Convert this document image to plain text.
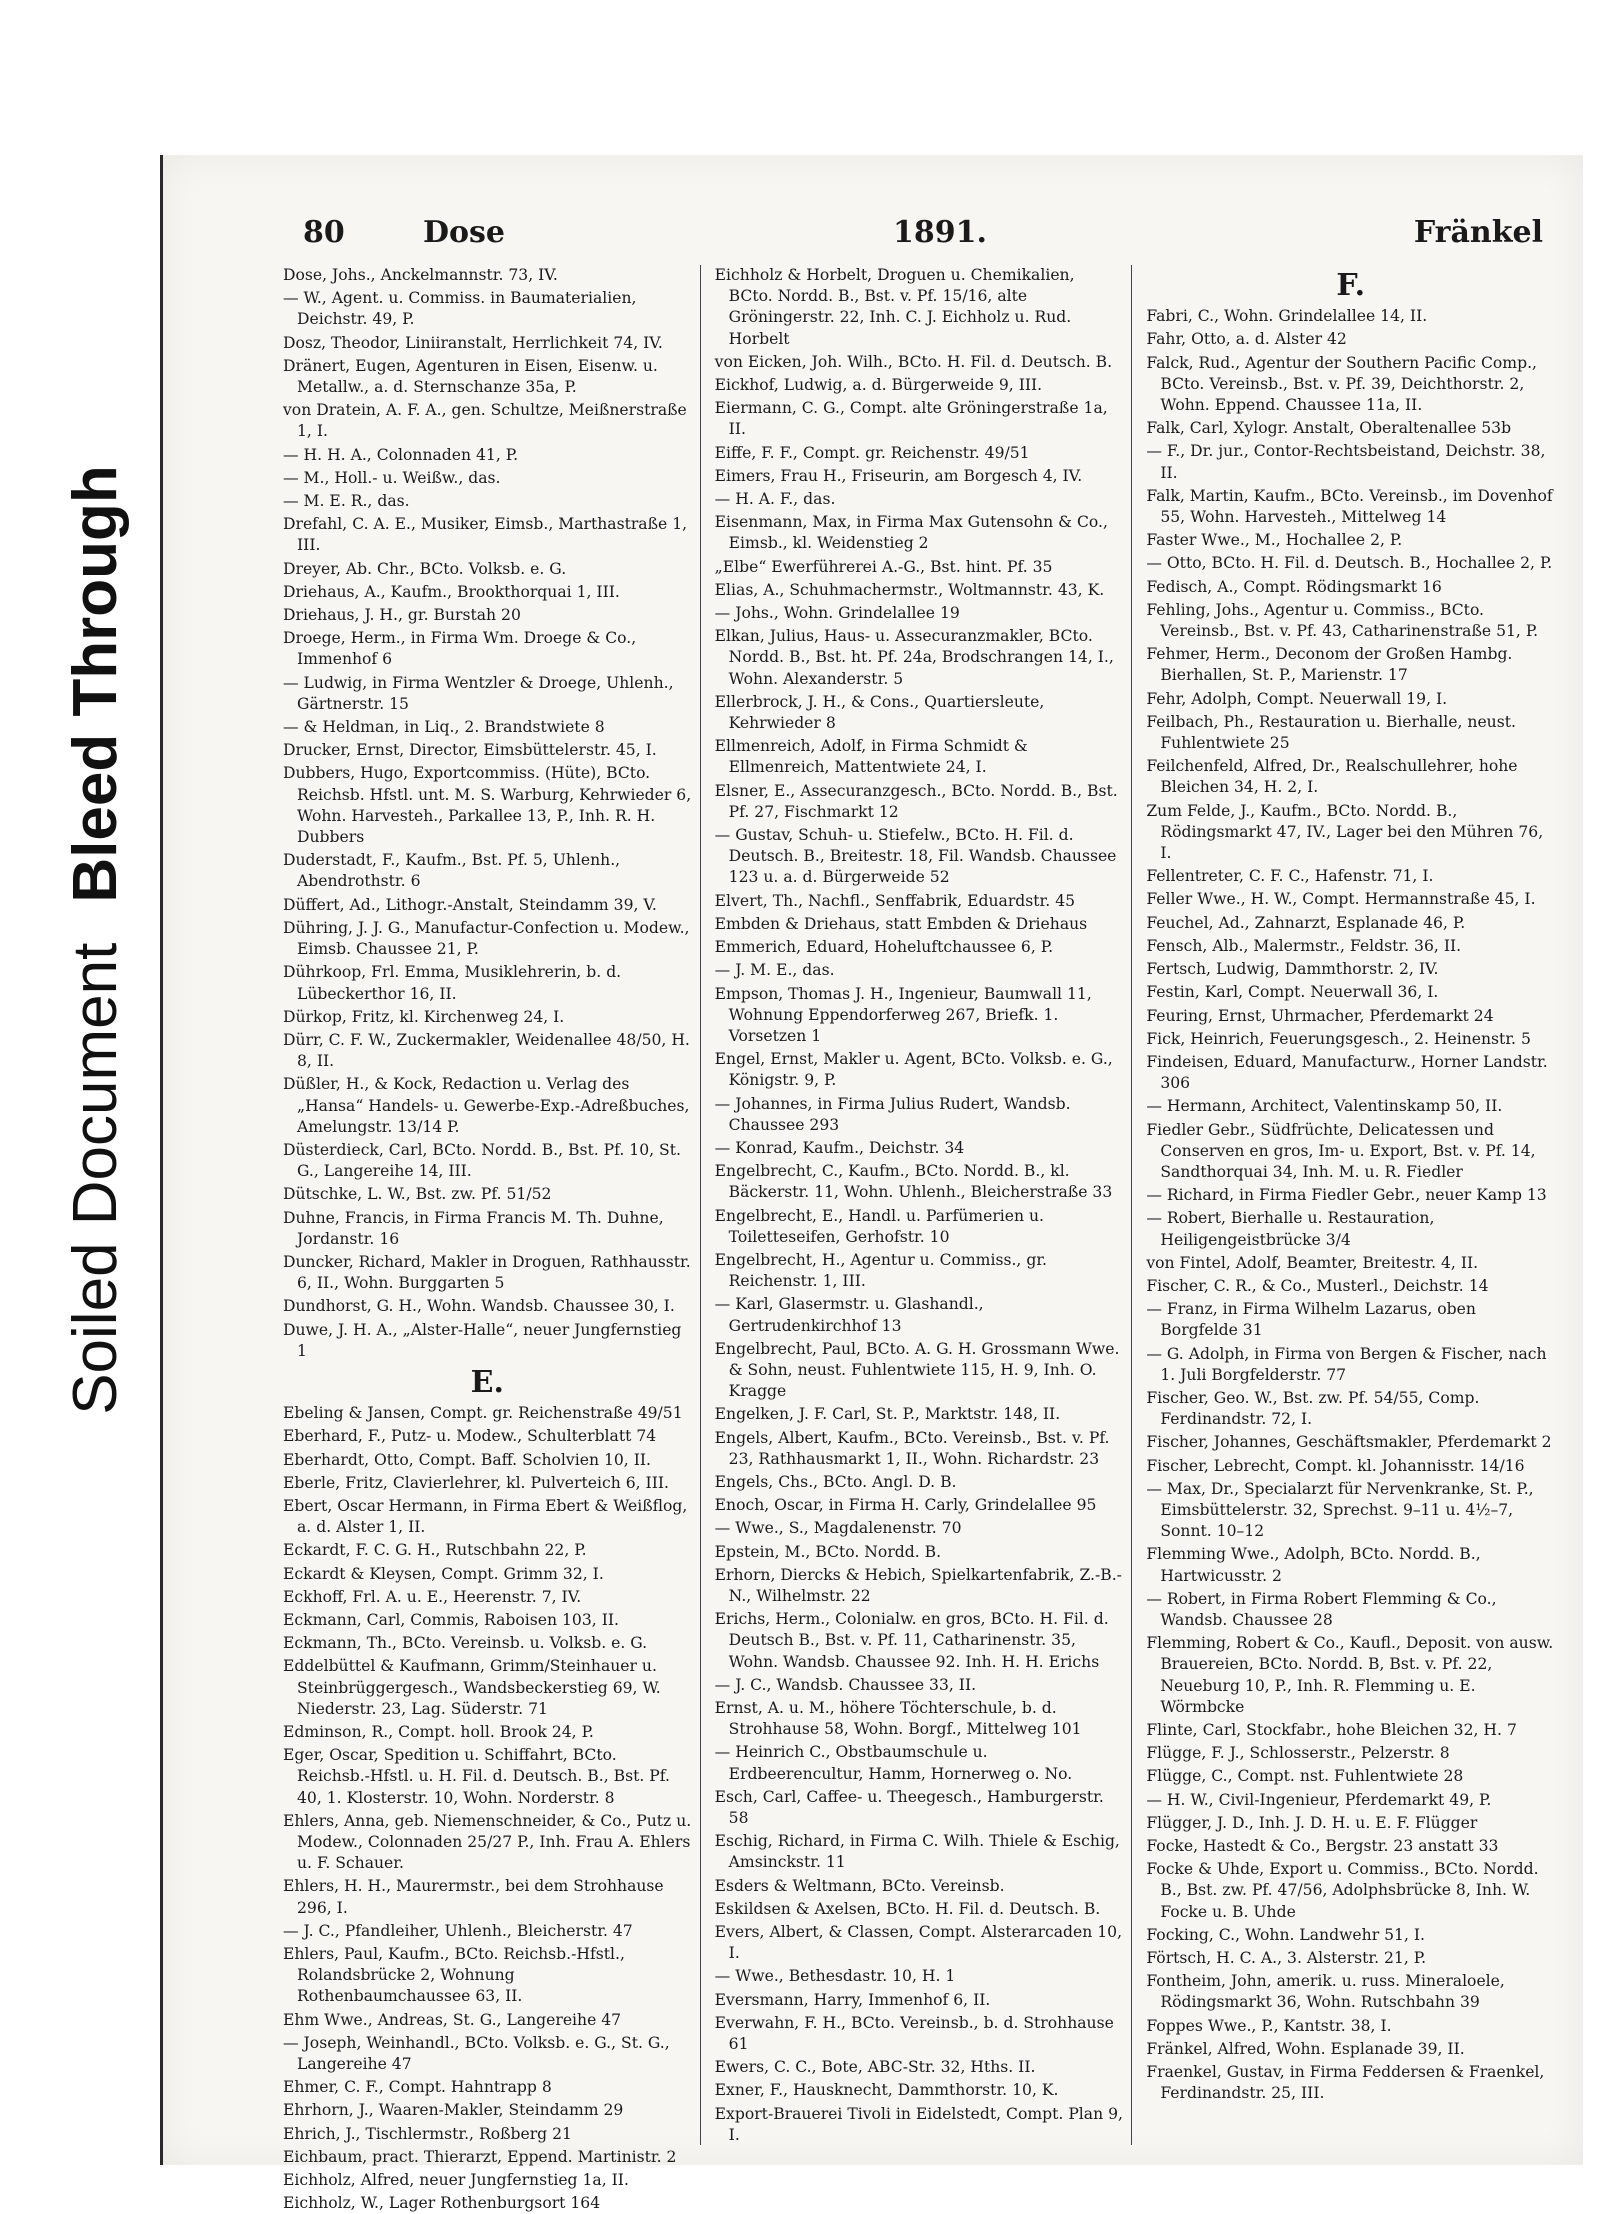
Soiled Document
Bleed Through
80	Dose	1891.	Fränkel
Dose, Johs., Anckelmannstr. 73, IV.
— W., Agent. u. Commiss. in Baumaterialien, Deichstr. 49, P.
Dosz, Theodor, Liniiranstalt, Herrlichkeit 74, IV.
Dränert, Eugen, Agenturen in Eisen, Eisenw. u. Metallw., a. d. Sternschanze 35a, P.
von Dratein, A. F. A., gen. Schultze, Meißnerstraße 1, I.
— H. H. A., Colonnaden 41, P.
— M., Holl.- u. Weißw., das.
— M. E. R., das.
Drefahl, C. A. E., Musiker, Eimsb., Marthastraße 1, III.
Dreyer, Ab. Chr., BCto. Volksb. e. G.
Driehaus, A., Kaufm., Brookthorquai 1, III.
Driehaus, J. H., gr. Burstah 20
Droege, Herm., in Firma Wm. Droege & Co., Immenhof 6
— Ludwig, in Firma Wentzler & Droege, Uhlenh., Gärtnerstr. 15
— & Heldman, in Liq., 2. Brandstwiete 8
Drucker, Ernst, Director, Eimsbüttelerstr. 45, I.
Dubbers, Hugo, Exportcommiss. (Hüte), BCto. Reichsb. Hfstl. unt. M. S. Warburg, Kehrwieder 6, Wohn. Harvesteh., Parkallee 13, P., Inh. R. H. Dubbers
Duderstadt, F., Kaufm., Bst. Pf. 5, Uhlenh., Abendrothstr. 6
Düffert, Ad., Lithogr.-Anstalt, Steindamm 39, V.
Dühring, J. J. G., Manufactur-Confection u. Modew., Eimsb. Chaussee 21, P.
Dührkoop, Frl. Emma, Musiklehrerin, b. d. Lübeckerthor 16, II.
Dürkop, Fritz, kl. Kirchenweg 24, I.
Dürr, C. F. W., Zuckermakler, Weidenallee 48/50, H. 8, II.
Düßler, H., & Kock, Redaction u. Verlag des „Hansa“ Handels- u. Gewerbe-Exp.-Adreßbuches, Amelungstr. 13/14 P.
Düsterdieck, Carl, BCto. Nordd. B., Bst. Pf. 10, St. G., Langereihe 14, III.
Dütschke, L. W., Bst. zw. Pf. 51/52
Duhne, Francis, in Firma Francis M. Th. Duhne, Jordanstr. 16
Duncker, Richard, Makler in Droguen, Rathhausstr. 6, II., Wohn. Burggarten 5
Dundhorst, G. H., Wohn. Wandsb. Chaussee 30, I.
Duwe, J. H. A., „Alster-Halle“, neuer Jungfernstieg 1
E.
Ebeling & Jansen, Compt. gr. Reichenstraße 49/51
Eberhard, F., Putz- u. Modew., Schulterblatt 74
Eberhardt, Otto, Compt. Baff. Scholvien 10, II.
Eberle, Fritz, Clavierlehrer, kl. Pulverteich 6, III.
Ebert, Oscar Hermann, in Firma Ebert & Weißflog, a. d. Alster 1, II.
Eckardt, F. C. G. H., Rutschbahn 22, P.
Eckardt & Kleysen, Compt. Grimm 32, I.
Eckhoff, Frl. A. u. E., Heerenstr. 7, IV.
Eckmann, Carl, Commis, Raboisen 103, II.
Eckmann, Th., BCto. Vereinsb. u. Volksb. e. G.
Eddelbüttel & Kaufmann, Grimm/Steinhauer u. Steinbrüggergesch., Wandsbeckerstieg 69, W. Niederstr. 23, Lag. Süderstr. 71
Edminson, R., Compt. holl. Brook 24, P.
Eger, Oscar, Spedition u. Schiffahrt, BCto. Reichsb.-Hfstl. u. H. Fil. d. Deutsch. B., Bst. Pf. 40, 1. Klosterstr. 10, Wohn. Norderstr. 8
Ehlers, Anna, geb. Niemenschneider, & Co., Putz u. Modew., Colonnaden 25/27 P., Inh. Frau A. Ehlers u. F. Schauer.
Ehlers, H. H., Maurermstr., bei dem Strohhause 296, I.
— J. C., Pfandleiher, Uhlenh., Bleicherstr. 47
Ehlers, Paul, Kaufm., BCto. Reichsb.-Hfstl., Rolandsbrücke 2, Wohnung Rothenbaumchaussee 63, II.
Ehm Wwe., Andreas, St. G., Langereihe 47
— Joseph, Weinhandl., BCto. Volksb. e. G., St. G., Langereihe 47
Ehmer, C. F., Compt. Hahntrapp 8
Ehrhorn, J., Waaren-Makler, Steindamm 29
Ehrich, J., Tischlermstr., Roßberg 21
Eichbaum, pract. Thierarzt, Eppend. Martinistr. 2
Eichholz, Alfred, neuer Jungfernstieg 1a, II.
Eichholz, W., Lager Rothenburgsort 164
Eichholz & Horbelt, Droguen u. Chemikalien, BCto. Nordd. B., Bst. v. Pf. 15/16, alte Gröningerstr. 22, Inh. C. J. Eichholz u. Rud. Horbelt
von Eicken, Joh. Wilh., BCto. H. Fil. d. Deutsch. B.
Eickhof, Ludwig, a. d. Bürgerweide 9, III.
Eiermann, C. G., Compt. alte Gröningerstraße 1a, II.
Eiffe, F. F., Compt. gr. Reichenstr. 49/51
Eimers, Frau H., Friseurin, am Borgesch 4, IV.
— H. A. F., das.
Eisenmann, Max, in Firma Max Gutensohn & Co., Eimsb., kl. Weidenstieg 2
„Elbe“ Ewerführerei A.-G., Bst. hint. Pf. 35
Elias, A., Schuhmachermstr., Woltmannstr. 43, K.
— Johs., Wohn. Grindelallee 19
Elkan, Julius, Haus- u. Assecuranzmakler, BCto. Nordd. B., Bst. ht. Pf. 24a, Brodschrangen 14, I., Wohn. Alexanderstr. 5
Ellerbrock, J. H., & Cons., Quartiersleute, Kehrwieder 8
Ellmenreich, Adolf, in Firma Schmidt & Ellmenreich, Mattentwiete 24, I.
Elsner, E., Assecuranzgesch., BCto. Nordd. B., Bst. Pf. 27, Fischmarkt 12
— Gustav, Schuh- u. Stiefelw., BCto. H. Fil. d. Deutsch. B., Breitestr. 18, Fil. Wandsb. Chaussee 123 u. a. d. Bürgerweide 52
Elvert, Th., Nachfl., Senffabrik, Eduardstr. 45
Embden & Driehaus, statt Embden & Driehaus
Emmerich, Eduard, Hoheluftchaussee 6, P.
— J. M. E., das.
Empson, Thomas J. H., Ingenieur, Baumwall 11, Wohnung Eppendorferweg 267, Briefk. 1. Vorsetzen 1
Engel, Ernst, Makler u. Agent, BCto. Volksb. e. G., Königstr. 9, P.
— Johannes, in Firma Julius Rudert, Wandsb. Chaussee 293
— Konrad, Kaufm., Deichstr. 34
Engelbrecht, C., Kaufm., BCto. Nordd. B., kl. Bäckerstr. 11, Wohn. Uhlenh., Bleicherstraße 33
Engelbrecht, E., Handl. u. Parfümerien u. Toiletteseifen, Gerhofstr. 10
Engelbrecht, H., Agentur u. Commiss., gr. Reichenstr. 1, III.
— Karl, Glasermstr. u. Glashandl., Gertrudenkirchhof 13
Engelbrecht, Paul, BCto. A. G. H. Grossmann Wwe. & Sohn, neust. Fuhlentwiete 115, H. 9, Inh. O. Kragge
Engelken, J. F. Carl, St. P., Marktstr. 148, II.
Engels, Albert, Kaufm., BCto. Vereinsb., Bst. v. Pf. 23, Rathhausmarkt 1, II., Wohn. Richardstr. 23
Engels, Chs., BCto. Angl. D. B.
Enoch, Oscar, in Firma H. Carly, Grindelallee 95
— Wwe., S., Magdalenenstr. 70
Epstein, M., BCto. Nordd. B.
Erhorn, Diercks & Hebich, Spielkartenfabrik, Z.-B.-N., Wilhelmstr. 22
Erichs, Herm., Colonialw. en gros, BCto. H. Fil. d. Deutsch B., Bst. v. Pf. 11, Catharinenstr. 35, Wohn. Wandsb. Chaussee 92. Inh. H. H. Erichs
— J. C., Wandsb. Chaussee 33, II.
Ernst, A. u. M., höhere Töchterschule, b. d. Strohhause 58, Wohn. Borgf., Mittelweg 101
— Heinrich C., Obstbaumschule u. Erdbeerencultur, Hamm, Hornerweg o. No.
Esch, Carl, Caffee- u. Theegesch., Hamburgerstr. 58
Eschig, Richard, in Firma C. Wilh. Thiele & Eschig, Amsinckstr. 11
Esders & Weltmann, BCto. Vereinsb.
Eskildsen & Axelsen, BCto. H. Fil. d. Deutsch. B.
Evers, Albert, & Classen, Compt. Alsterarcaden 10, I.
— Wwe., Bethesdastr. 10, H. 1
Eversmann, Harry, Immenhof 6, II.
Everwahn, F. H., BCto. Vereinsb., b. d. Strohhause 61
Ewers, C. C., Bote, ABC-Str. 32, Hths. II.
Exner, F., Hausknecht, Dammthorstr. 10, K.
Export-Brauerei Tivoli in Eidelstedt, Compt. Plan 9, I.
F.
Fabri, C., Wohn. Grindelallee 14, II.
Fahr, Otto, a. d. Alster 42
Falck, Rud., Agentur der Southern Pacific Comp., BCto. Vereinsb., Bst. v. Pf. 39, Deichthorstr. 2, Wohn. Eppend. Chaussee 11a, II.
Falk, Carl, Xylogr. Anstalt, Oberaltenallee 53b
— F., Dr. jur., Contor-Rechtsbeistand, Deichstr. 38, II.
Falk, Martin, Kaufm., BCto. Vereinsb., im Dovenhof 55, Wohn. Harvesteh., Mittelweg 14
Faster Wwe., M., Hochallee 2, P.
— Otto, BCto. H. Fil. d. Deutsch. B., Hochallee 2, P.
Fedisch, A., Compt. Rödingsmarkt 16
Fehling, Johs., Agentur u. Commiss., BCto. Vereinsb., Bst. v. Pf. 43, Catharinenstraße 51, P.
Fehmer, Herm., Deconom der Großen Hambg. Bierhallen, St. P., Marienstr. 17
Fehr, Adolph, Compt. Neuerwall 19, I.
Feilbach, Ph., Restauration u. Bierhalle, neust. Fuhlentwiete 25
Feilchenfeld, Alfred, Dr., Realschullehrer, hohe Bleichen 34, H. 2, I.
Zum Felde, J., Kaufm., BCto. Nordd. B., Rödingsmarkt 47, IV., Lager bei den Mühren 76, I.
Fellentreter, C. F. C., Hafenstr. 71, I.
Feller Wwe., H. W., Compt. Hermannstraße 45, I.
Feuchel, Ad., Zahnarzt, Esplanade 46, P.
Fensch, Alb., Malermstr., Feldstr. 36, II.
Fertsch, Ludwig, Dammthorstr. 2, IV.
Festin, Karl, Compt. Neuerwall 36, I.
Feuring, Ernst, Uhrmacher, Pferdemarkt 24
Fick, Heinrich, Feuerungsgesch., 2. Heinenstr. 5
Findeisen, Eduard, Manufacturw., Horner Landstr. 306
— Hermann, Architect, Valentinskamp 50, II.
Fiedler Gebr., Südfrüchte, Delicatessen und Conserven en gros, Im- u. Export, Bst. v. Pf. 14, Sandthorquai 34, Inh. M. u. R. Fiedler
— Richard, in Firma Fiedler Gebr., neuer Kamp 13
— Robert, Bierhalle u. Restauration, Heiligengeistbrücke 3/4
von Fintel, Adolf, Beamter, Breitestr. 4, II.
Fischer, C. R., & Co., Musterl., Deichstr. 14
— Franz, in Firma Wilhelm Lazarus, oben Borgfelde 31
— G. Adolph, in Firma von Bergen & Fischer, nach 1. Juli Borgfelderstr. 77
Fischer, Geo. W., Bst. zw. Pf. 54/55, Comp. Ferdinandstr. 72, I.
Fischer, Johannes, Geschäftsmakler, Pferdemarkt 2
Fischer, Lebrecht, Compt. kl. Johannisstr. 14/16
— Max, Dr., Specialarzt für Nervenkranke, St. P., Eimsbüttelerstr. 32, Sprechst. 9–11 u. 4½–7, Sonnt. 10–12
Flemming Wwe., Adolph, BCto. Nordd. B., Hartwicusstr. 2
— Robert, in Firma Robert Flemming & Co., Wandsb. Chaussee 28
Flemming, Robert & Co., Kaufl., Deposit. von ausw. Brauereien, BCto. Nordd. B, Bst. v. Pf. 22, Neueburg 10, P., Inh. R. Flemming u. E. Wörmbcke
Flinte, Carl, Stockfabr., hohe Bleichen 32, H. 7
Flügge, F. J., Schlosserstr., Pelzerstr. 8
Flügge, C., Compt. nst. Fuhlentwiete 28
— H. W., Civil-Ingenieur, Pferdemarkt 49, P.
Flügger, J. D., Inh. J. D. H. u. E. F. Flügger
Focke, Hastedt & Co., Bergstr. 23 anstatt 33
Focke & Uhde, Export u. Commiss., BCto. Nordd. B., Bst. zw. Pf. 47/56, Adolphsbrücke 8, Inh. W. Focke u. B. Uhde
Focking, C., Wohn. Landwehr 51, I.
Förtsch, H. C. A., 3. Alsterstr. 21, P.
Fontheim, John, amerik. u. russ. Mineraloele, Rödingsmarkt 36, Wohn. Rutschbahn 39
Foppes Wwe., P., Kantstr. 38, I.
Fränkel, Alfred, Wohn. Esplanade 39, II.
Fraenkel, Gustav, in Firma Feddersen & Fraenkel, Ferdinandstr. 25, III.
